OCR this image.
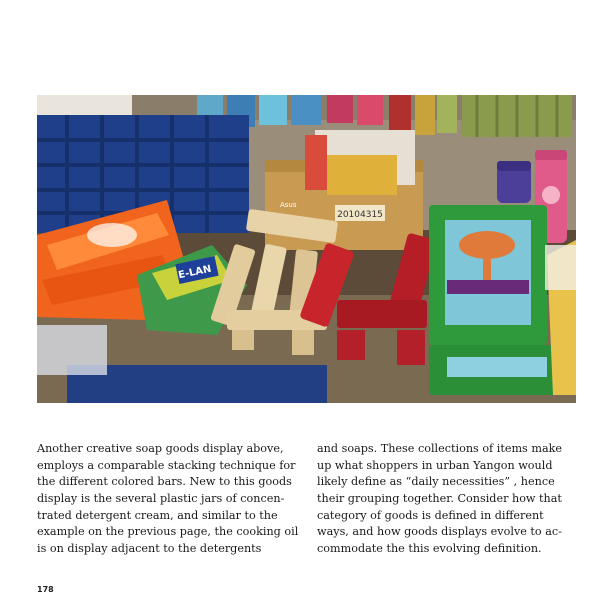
20104315
Asus
E-LAN

Another creative soap goods display above, employs a comparable stacking technique for the different colored bars. New to this goods display is the several plastic jars of concentrated detergent cream, and similar to the example on the previous page, the cooking oil is on display adjacent to the detergents

and soaps. These collections of items make up what shoppers in urban Yangon would likely define as “daily necessities” , hence their grouping together. Consider how that category of goods is defined in different ways, and how goods displays evolve to accommodate the this evolving definition.

178
